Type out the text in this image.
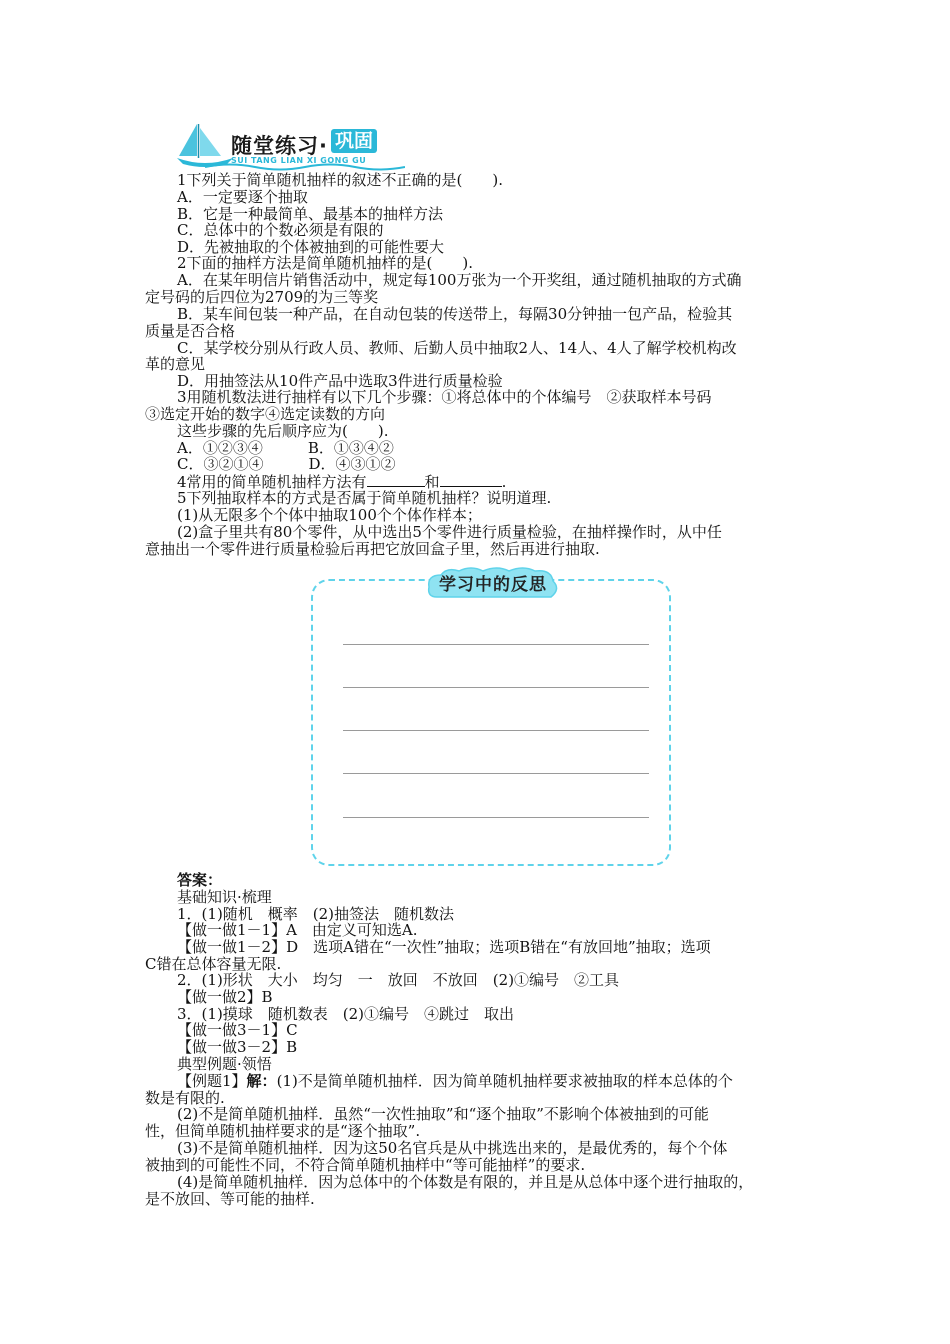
随堂练习· 巩固
SUI TANG LIAN XI GONG GU
1下列关于简单随机抽样的叙述不正确的是(　　).
A．一定要逐个抽取
B．它是一种最简单、最基本的抽样方法
C．总体中的个数必须是有限的
D．先被抽取的个体被抽到的可能性要大
2下面的抽样方法是简单随机抽样的是(　　).
A．在某年明信片销售活动中，规定每100万张为一个开奖组，通过随机抽取的方式确
定号码的后四位为2709的为三等奖
B．某车间包装一种产品，在自动包装的传送带上，每隔30分钟抽一包产品，检验其
质量是否合格
C．某学校分别从行政人员、教师、后勤人员中抽取2人、14人、4人了解学校机构改
革的意见
D．用抽签法从10件产品中选取3件进行质量检验
3用随机数法进行抽样有以下几个步骤：①将总体中的个体编号　②获取样本号码
③选定开始的数字④选定读数的方向
这些步骤的先后顺序应为(　　).
A．①②③④　　　B．①③④②
C．③②①④　　　D．④③①②
4常用的简单随机抽样方法有	和	.
5下列抽取样本的方式是否属于简单随机抽样？说明道理.
(1)从无限多个个体中抽取100个个体作样本；
(2)盒子里共有80个零件，从中选出5个零件进行质量检验，在抽样操作时，从中任
意抽出一个零件进行质量检验后再把它放回盒子里，然后再进行抽取.
学习中的反思
答案：
基础知识·梳理
1．(1)随机　概率　(2)抽签法　随机数法
【做一做1－1】A　由定义可知选A.
【做一做1－2】D　选项A错在“一次性”抽取；选项B错在“有放回地”抽取；选项
C错在总体容量无限.
2．(1)形状　大小　均匀　一　放回　不放回　(2)①编号　②工具
【做一做2】B
3．(1)摸球　随机数表　(2)①编号　④跳过　取出
【做一做3－1】C
【做一做3－2】B
典型例题·领悟
【例题1】解：(1)不是简单随机抽样．因为简单随机抽样要求被抽取的样本总体的个
数是有限的.
(2)不是简单随机抽样．虽然“一次性抽取”和“逐个抽取”不影响个体被抽到的可能
性，但简单随机抽样要求的是“逐个抽取”.
(3)不是简单随机抽样．因为这50名官兵是从中挑选出来的，是最优秀的，每个个体
被抽到的可能性不同，不符合简单随机抽样中“等可能抽样”的要求.
(4)是简单随机抽样．因为总体中的个体数是有限的，并且是从总体中逐个进行抽取的，
是不放回、等可能的抽样.
